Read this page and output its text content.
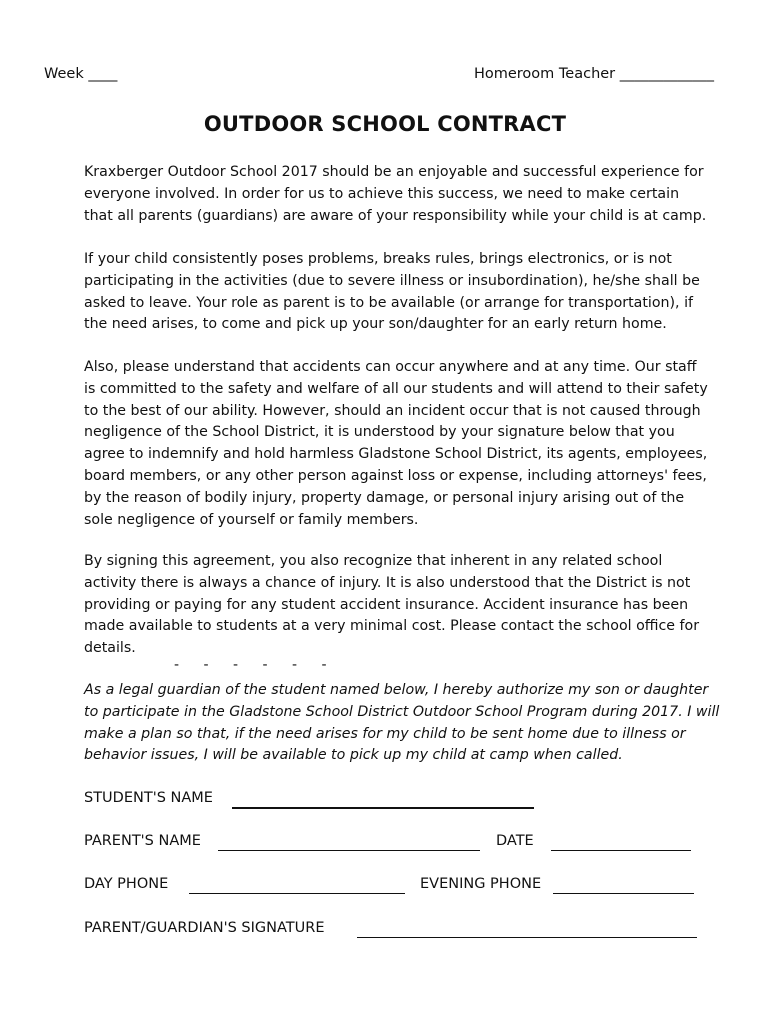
Week ____	Homeroom Teacher _____________
OUTDOOR SCHOOL CONTRACT
Kraxberger Outdoor School 2017 should be an enjoyable and successful experience for everyone involved. In order for us to achieve this success, we need to make certain that all parents (guardians) are aware of your responsibility while your child is at camp.
If your child consistently poses problems, breaks rules, brings electronics, or is not participating in the activities (due to severe illness or insubordination), he/she shall be asked to leave. Your role as parent is to be available (or arrange for transportation), if the need arises, to come and pick up your son/daughter for an early return home.
Also, please understand that accidents can occur anywhere and at any time. Our staff is committed to the safety and welfare of all our students and will attend to their safety to the best of our ability. However, should an incident occur that is not caused through negligence of the School District, it is understood by your signature below that you agree to indemnify and hold harmless Gladstone School District, its agents, employees, board members, or any other person against loss or expense, including attorneys' fees, by the reason of bodily injury, property damage, or personal injury arising out of the sole negligence of yourself or family members.
By signing this agreement, you also recognize that inherent in any related school activity there is always a chance of injury. It is also understood that the District is not providing or paying for any student accident insurance. Accident insurance has been made available to students at a very minimal cost. Please contact the school office for details.
- - - - - -
As a legal guardian of the student named below, I hereby authorize my son or daughter to participate in the Gladstone School District Outdoor School Program during 2017. I will make a plan so that, if the need arises for my child to be sent home due to illness or behavior issues, I will be available to pick up my child at camp when called.
STUDENT'S NAME
PARENT'S NAME	DATE
DAY PHONE	EVENING PHONE
PARENT/GUARDIAN'S SIGNATURE
